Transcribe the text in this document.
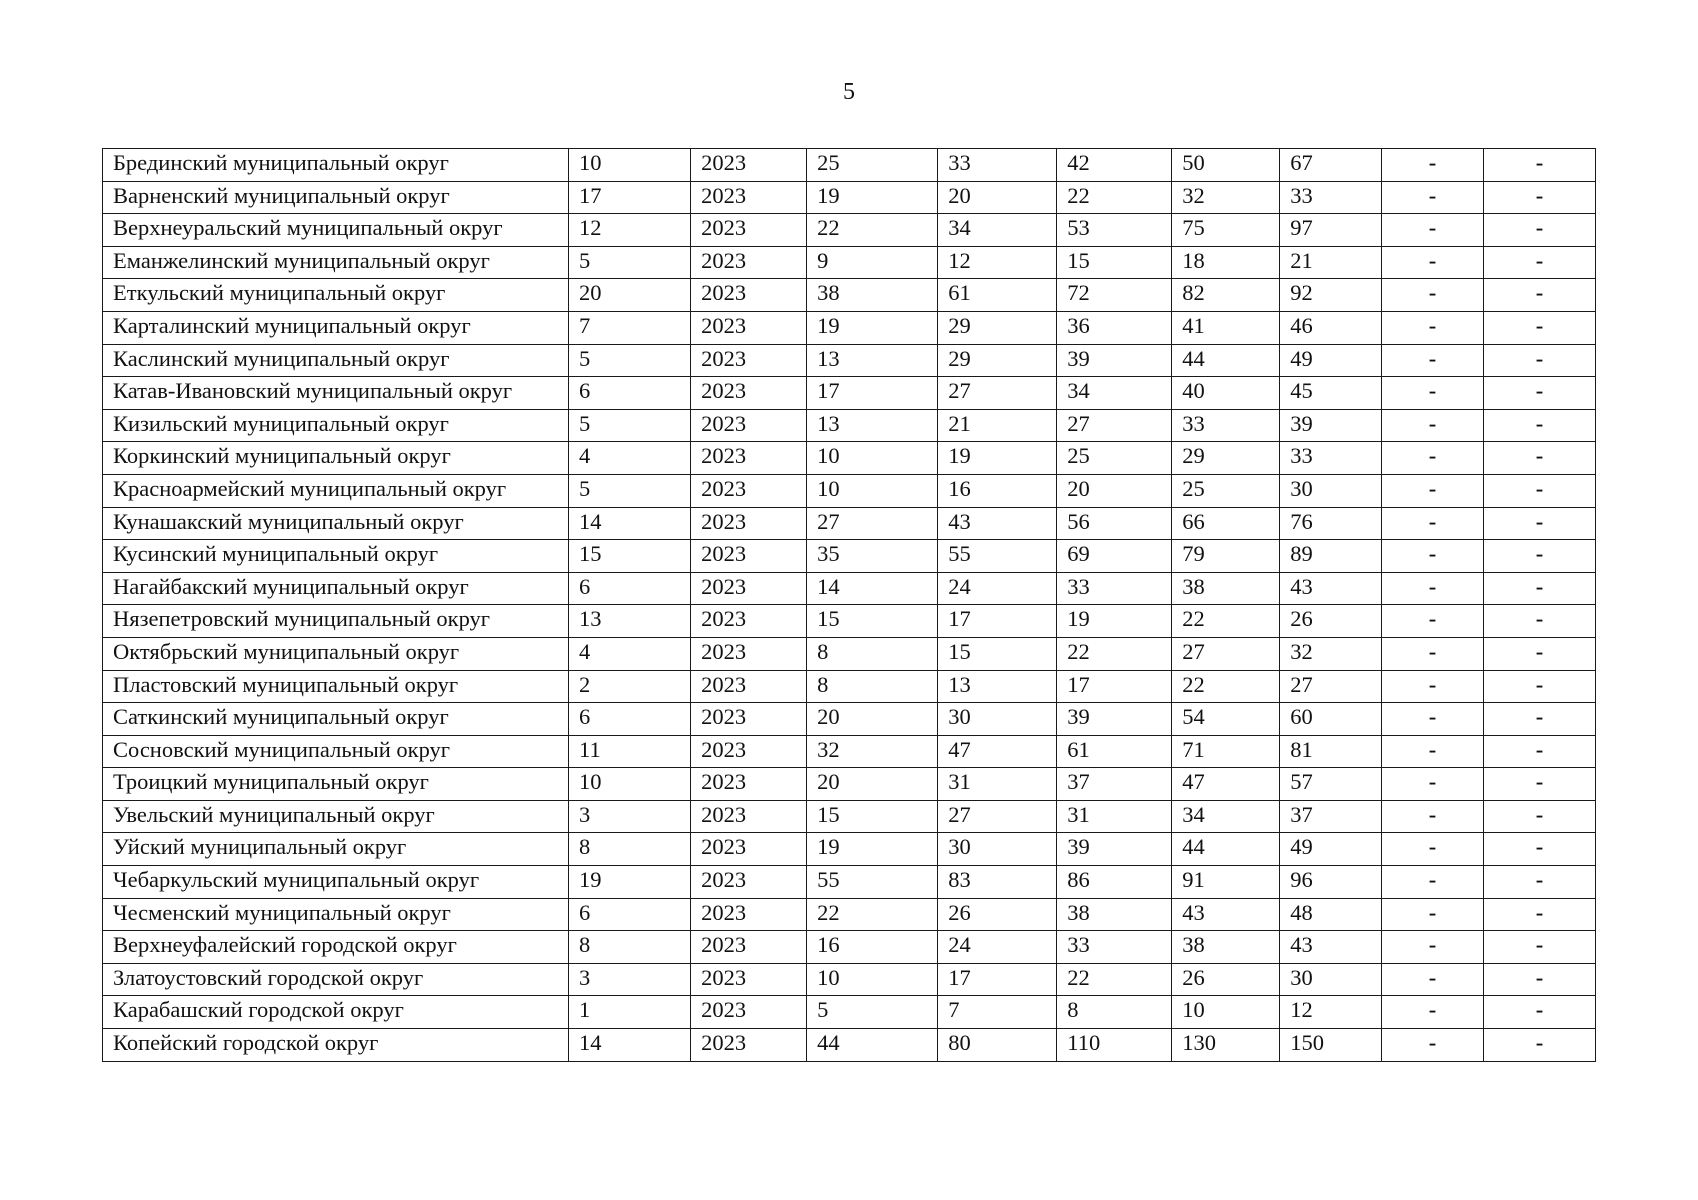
5
Брединский муниципальный округ	10	2023	25	33	42	50	67	-	-
Варненский муниципальный округ	17	2023	19	20	22	32	33	-	-
Верхнеуральский муниципальный округ	12	2023	22	34	53	75	97	-	-
Еманжелинский муниципальный округ	5	2023	9	12	15	18	21	-	-
Еткульский муниципальный округ	20	2023	38	61	72	82	92	-	-
Карталинский муниципальный округ	7	2023	19	29	36	41	46	-	-
Каслинский муниципальный округ	5	2023	13	29	39	44	49	-	-
Катав-Ивановский муниципальный округ	6	2023	17	27	34	40	45	-	-
Кизильский муниципальный округ	5	2023	13	21	27	33	39	-	-
Коркинский муниципальный округ	4	2023	10	19	25	29	33	-	-
Красноармейский муниципальный округ	5	2023	10	16	20	25	30	-	-
Кунашакский муниципальный округ	14	2023	27	43	56	66	76	-	-
Кусинский муниципальный округ	15	2023	35	55	69	79	89	-	-
Нагайбакский муниципальный округ	6	2023	14	24	33	38	43	-	-
Нязепетровский муниципальный округ	13	2023	15	17	19	22	26	-	-
Октябрьский муниципальный округ	4	2023	8	15	22	27	32	-	-
Пластовский муниципальный округ	2	2023	8	13	17	22	27	-	-
Саткинский муниципальный округ	6	2023	20	30	39	54	60	-	-
Сосновский муниципальный округ	11	2023	32	47	61	71	81	-	-
Троицкий муниципальный округ	10	2023	20	31	37	47	57	-	-
Увельский муниципальный округ	3	2023	15	27	31	34	37	-	-
Уйский муниципальный округ	8	2023	19	30	39	44	49	-	-
Чебаркульский муниципальный округ	19	2023	55	83	86	91	96	-	-
Чесменский муниципальный округ	6	2023	22	26	38	43	48	-	-
Верхнеуфалейский городской округ	8	2023	16	24	33	38	43	-	-
Златоустовский городской округ	3	2023	10	17	22	26	30	-	-
Карабашский городской округ	1	2023	5	7	8	10	12	-	-
Копейский городской округ	14	2023	44	80	110	130	150	-	-
